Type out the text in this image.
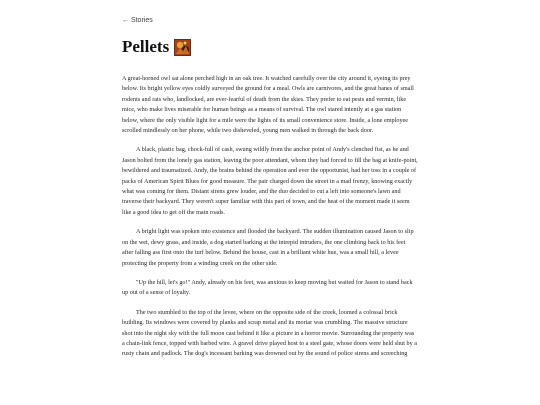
← Stories
Pellets

A great-horned owl sat alone perched high in an oak tree. It watched carefully over the city around it, eyeing its prey below. Its bright yellow eyes coldly surveyed the ground for a meal. Owls are carnivores, and the great banes of small rodents and rats who, landlocked, are ever-fearful of death from the skies. They prefer to eat pests and vermin, like mice, who make lives miserable for human beings as a means of survival. The owl stared intently at a gas station below, where the only visible light for a mile were the lights of its small convenience store. Inside, a lone employee scrolled mindlessly on her phone, while two disheveled, young men walked in through the back door.

A black, plastic bag, chock-full of cash, swung wildly from the anchor point of Andy's clenched fist, as he and Jason bolted from the lonely gas station, leaving the poor attendant, whom they had forced to fill the bag at knife-point, bewildered and traumatized. Andy, the brains behind the operation and ever the opportunist, had her toss in a couple of packs of American Spirit Blues for good measure. The pair charged down the street in a mad frenzy, knowing exactly what was coming for them. Distant sirens grew louder, and the duo decided to cut a left into someone's lawn and traverse their backyard. They weren't super familiar with this part of town, and the heat of the moment made it seem like a good idea to get off the main roads.

A bright light was spoken into existence and flooded the backyard. The sudden illumination caused Jason to slip on the wet, dewy grass, and inside, a dog started barking at the intrepid intruders, the one climbing back to his feet after falling ass first onto the turf below. Behind the house, cast in a brilliant white hue, was a small hill, a levee protecting the property from a winding creek on the other side.

"Up the hill, let's go!" Andy, already on his feet, was anxious to keep moving but waited for Jason to stand back up out of a sense of loyalty.

The two stumbled to the top of the levee, where on the opposite side of the creek, loomed a colossal brick building. Its windows were covered by planks and scrap metal and its mortar was crumbling. The massive structure shot into the night sky with the full moon cast behind it like a picture in a horror movie. Surrounding the property was a chain-link fence, topped with barbed wire. A gravel drive played host to a steel gate, whose doors were held shut by a rusty chain and padlock. The dog's incessant barking was drowned out by the sound of police sirens and screeching
